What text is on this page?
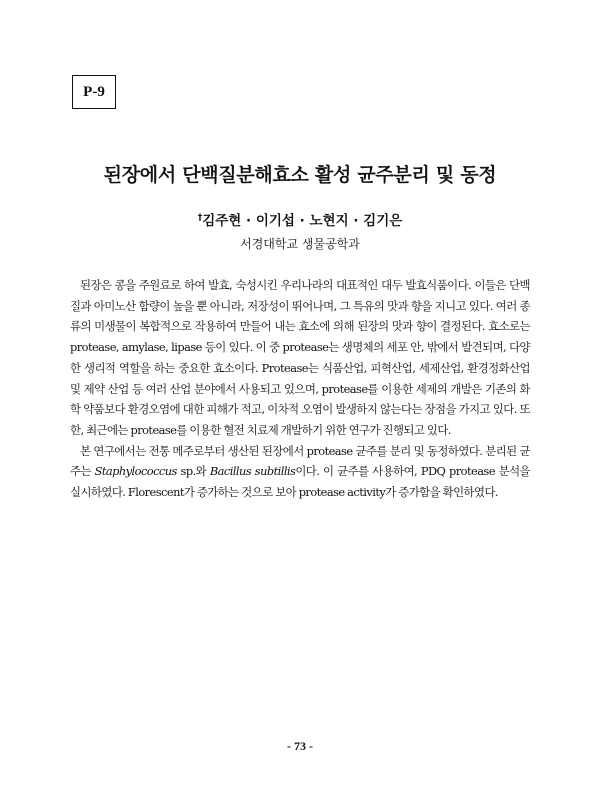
P-9
된장에서 단백질분해효소 활성 균주분리 및 동정
†김주현 · 이기섭 · 노현지 · 김기은
서경대학교 생물공학과

된장은 콩을 주원료로 하여 발효, 숙성시킨 우리나라의 대표적인 대두 발효식품이다. 이들은 단백질과 아미노산 함량이 높을 뿐 아니라, 저장성이 뛰어나며, 그 특유의 맛과 향을 지니고 있다. 여러 종류의 미생물이 복합적으로 작용하여 만들어 내는 효소에 의해 된장의 맛과 향이 결정된다. 효소로는 protease, amylase, lipase 등이 있다. 이 중 protease는 생명체의 세포 안, 밖에서 발견되며, 다양한 생리적 역할을 하는 중요한 효소이다. Protease는 식품산업, 피혁산업, 세제산업, 환경정화산업 및 제약 산업 등 여러 산업 분야에서 사용되고 있으며, protease를 이용한 세제의 개발은 기존의 화학 약품보다 환경오염에 대한 피해가 적고, 이차적 오염이 발생하지 않는다는 장점을 가지고 있다. 또한, 최근에는 protease를 이용한 혈전 치료제 개발하기 위한 연구가 진행되고 있다.

본 연구에서는 전통 메주로부터 생산된 된장에서 protease 균주를 분리 및 동정하였다. 분리된 균주는 Staphylococcus sp.와 Bacillus subtillis이다. 이 균주를 사용하여, PDQ protease 분석을 실시하였다. Florescent가 증가하는 것으로 보아 protease activity가 증가함을 확인하였다.

- 73 -
